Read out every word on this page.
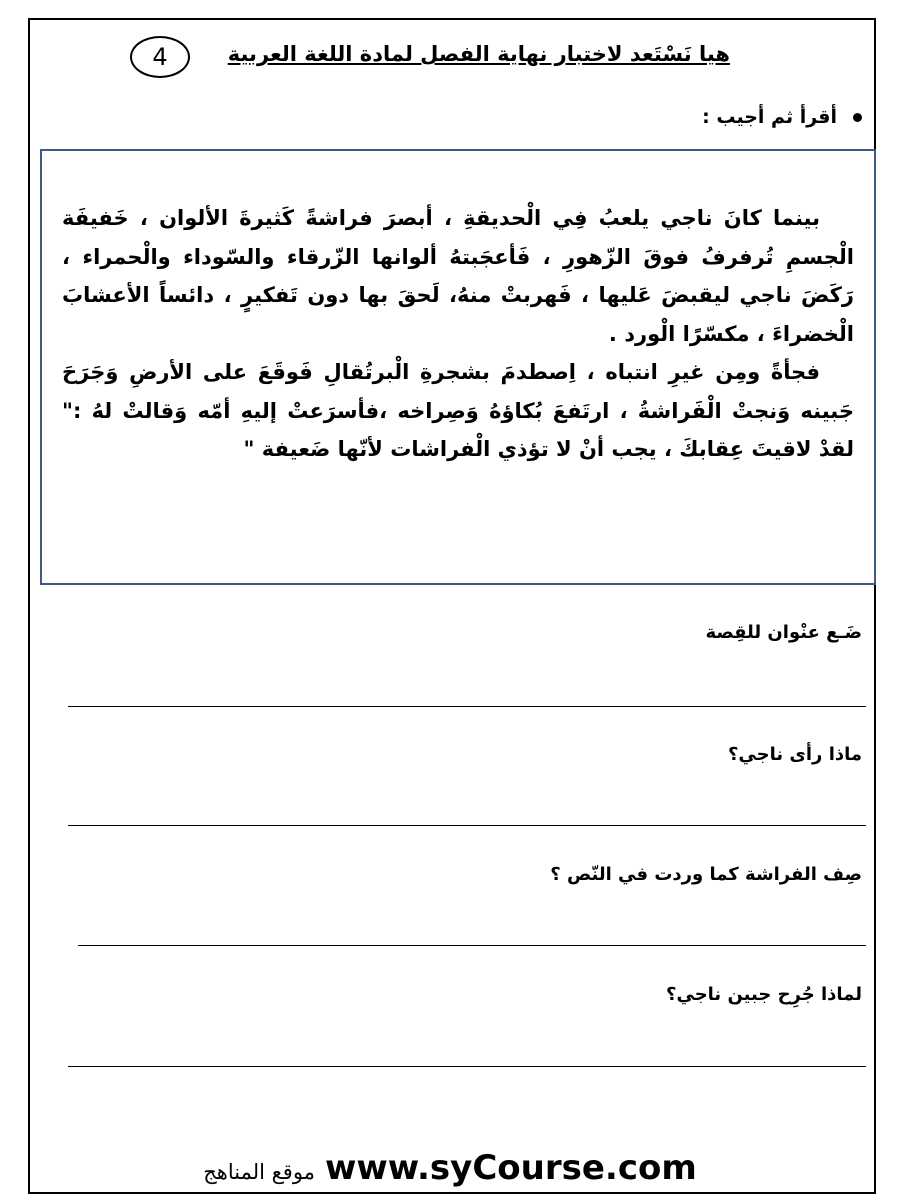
4	هيا نَسْتَعد لاختبار نهاية الفصل لمادة اللغة العربية
أقرأ ثم أجيب :

بينما كانَ ناجي يلعبُ فِي الْحديقةِ ، أبصرَ فراشةً كَثيرةَ الألوان ، خَفيفَة الْجسمِ تُرفرفُ فوقَ الزّهورِ ، فَأعجَبتهُ ألوانها الزّرقاء والسّوداء والْحمراء ، رَكَضَ ناجي ليقبضَ عَليها ، فَهربتْ منهُ، لَحقَ بها دون تَفكيرٍ ، دائساً الأعشابَ الْخضراءَ ، مكسّرًا الْورد .

فجأةً ومِن غيرِ انتباه ، اِصطدمَ بشجرةِ الْبرتُقالِ فَوقَعَ على الأرضِ وَجَرَحَ جَبينه وَنجتْ الْفَراشةُ ، ارتَفعَ بُكاؤهُ وَصِراخه ،فأسرَعتْ إليهِ أمّه وَقالتْ لهُ :" لقدْ لاقيتَ عِقابكَ ، يجب أنْ لا تؤذي الْفراشات لأنّها ضَعيفة "

ضَـع عنْوان للقِصة
ماذا رأى ناجي؟
صِف الفراشة كما وردت في النّص ؟
لماذا جُرِح جبين ناجي؟
موقع المناهج www.syCourse.com
